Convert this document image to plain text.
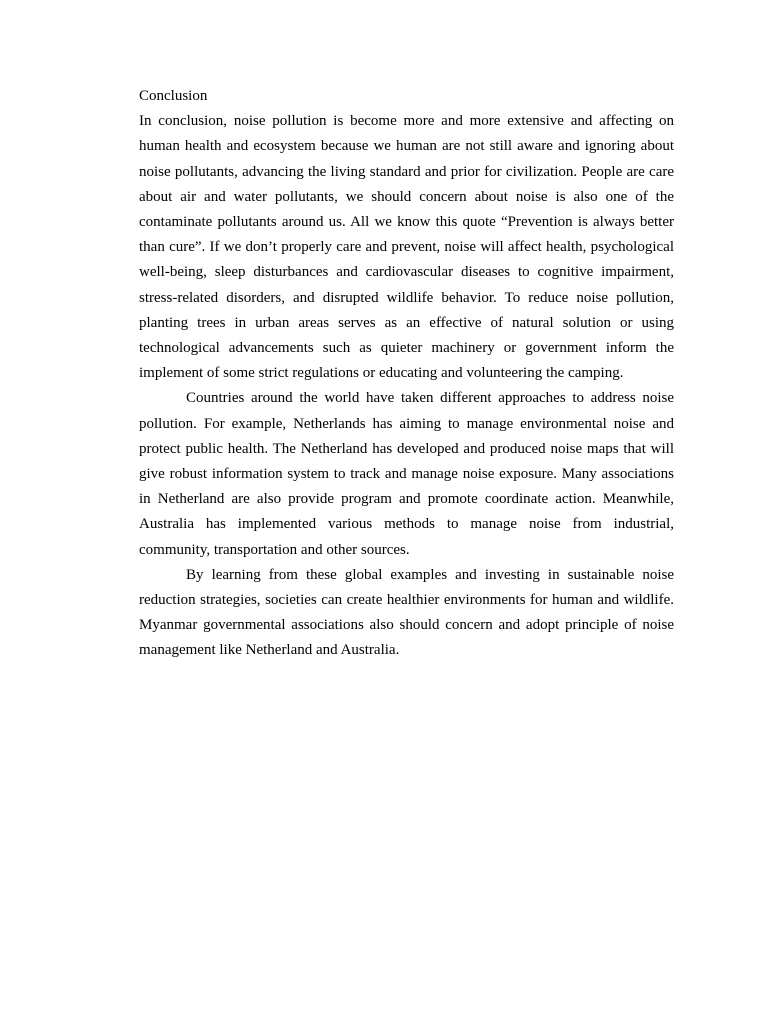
Conclusion

In conclusion, noise pollution is become more and more extensive and affecting on human health and ecosystem because we human are not still aware and ignoring about noise pollutants, advancing the living standard and prior for civilization. People are care about air and water pollutants, we should concern about noise is also one of the contaminate pollutants around us. All we know this quote “Prevention is always better than cure”. If we don’t properly care and prevent, noise will affect health, psychological well-being, sleep disturbances and cardiovascular diseases to cognitive impairment, stress-related disorders, and disrupted wildlife behavior. To reduce noise pollution, planting trees in urban areas serves as an effective of natural solution or using technological advancements such as quieter machinery or government inform the implement of some strict regulations or educating and volunteering the camping.

Countries around the world have taken different approaches to address noise pollution. For example, Netherlands has aiming to manage environmental noise and protect public health. The Netherland has developed and produced noise maps that will give robust information system to track and manage noise exposure. Many associations in Netherland are also provide program and promote coordinate action. Meanwhile, Australia has implemented various methods to manage noise from industrial, community, transportation and other sources.

By learning from these global examples and investing in sustainable noise reduction strategies, societies can create healthier environments for human and wildlife. Myanmar governmental associations also should concern and adopt principle of noise management like Netherland and Australia.
